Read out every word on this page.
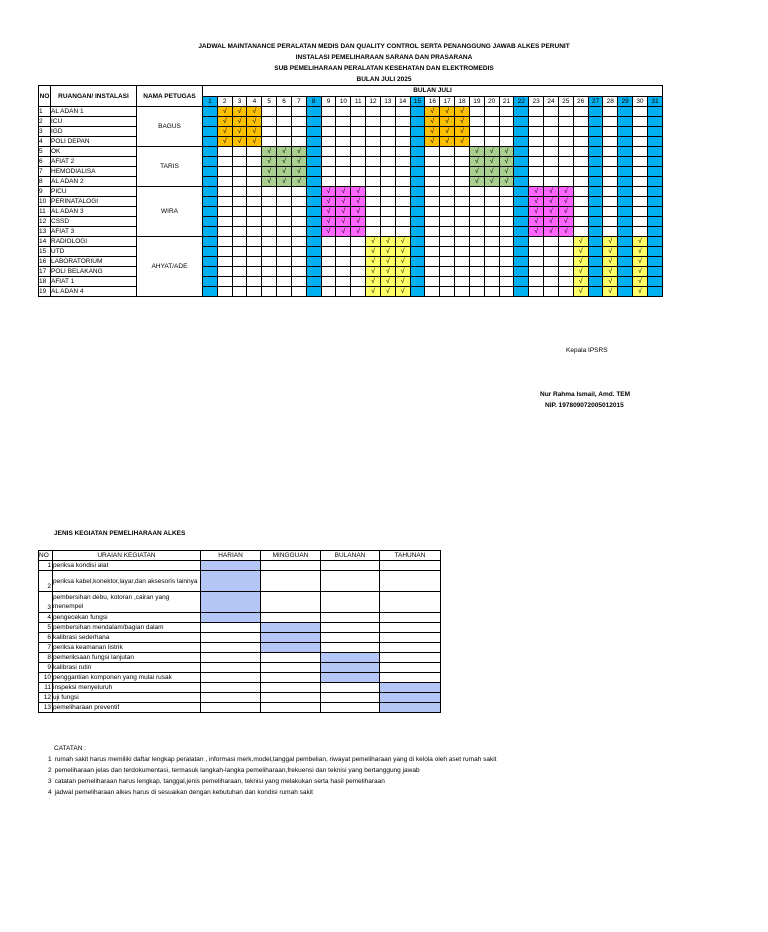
JADWAL MAINTANANCE PERALATAN MEDIS DAN QUALITY CONTROL SERTA PENANGGUNG JAWAB ALKES PERUNIT
INSTALASI PEMELIHARAAN SARANA DAN PRASARANA
SUB PEMELIHARAAN PERALATAN KESEHATAN DAN ELEKTROMEDIS
BULAN JULI 2025
NO	RUANGAN/ INSTALASI	NAMA PETUGAS	BULAN JULI																														
			1	2	3	4	5	6	7	8	9	10	11	12	13	14	15	16	17	18	19	20	21	22	23	24	25	26	27	28	29	30	31
1	AL ADAN 1	BAGUS		√	√	√												√	√	√													
2	ICU			√	√	√												√	√	√													
3	IGD			√	√	√												√	√	√													
4	POLI DEPAN			√	√	√												√	√	√													
5	OK	TARIS					√	√	√												√	√	√										
6	AFIAT 2						√	√	√												√	√	√										
7	HEMODIALISA						√	√	√												√	√	√										
8	AL ADAN 2						√	√	√												√	√	√										
9	PICU	WIRA									√	√	√												√	√	√						
10	PERINATALOGI										√	√	√												√	√	√						
11	AL ADAN 3										√	√	√												√	√	√						
12	CSSD										√	√	√												√	√	√						
13	AFIAT 3										√	√	√												√	√	√						
14	RADIOLOGI	AHYAT/ADE												√	√	√												√		√		√	
15	UTD													√	√	√												√		√		√	
16	LABORATORIUM													√	√	√												√		√		√	
17	POLI BELAKANG													√	√	√												√		√		√	
18	AFIAT 1													√	√	√												√		√		√	
19	AL ADAN 4													√	√	√												√		√		√	
Kepala IPSRS
Nur Rahma Ismail, Amd. TEM
NIP. 197809072005012015
JENIS KEGIATAN PEMELIHARAAN ALKES
NO	URAIAN KEGIATAN	HARIAN	MINGGUAN	BULANAN	TAHUNAN
1	periksa kondisi alat				
2	periksa kabel,konektor,layar,dan aksesoris lainnya				
3	pembersihan debu, kotoran ,cairan yang menempel				
4	pengecekan fungsi				
5	pembersihan mendalam/bagian dalam				
6	kalibrasi sederhana				
7	periksa keamanan listrik				
8	pemeriksaan fungsi lanjutan				
9	kalibrasi rutin				
10	penggantian komponen yang mulai rusak				
11	inspeksi menyeluruh				
12	uji fungsi				
13	pemeliharaan preventif				
CATATAN :
1 rumah sakit harus memiliki daftar lengkap peralatan , informasi merk,model,tanggal pembelian, riwayat pemeliharaan yang di kelola oleh aset rumah sakit
2 pemeliharaan jelas dan terdokumentasi, termasuk langkah-langka pemeliharaan,frekuensi dan teknisi yang bertanggung jawab
3 catatan pemeliharaan harus lengkap, tanggal,jenis pemeliharaan, teknisi yang melakukan serta hasil pemeliharaan
4 jadwal pemeliharaan alkes harus di sesuaikan dengan kebutuhan dan kondisi rumah sakit
